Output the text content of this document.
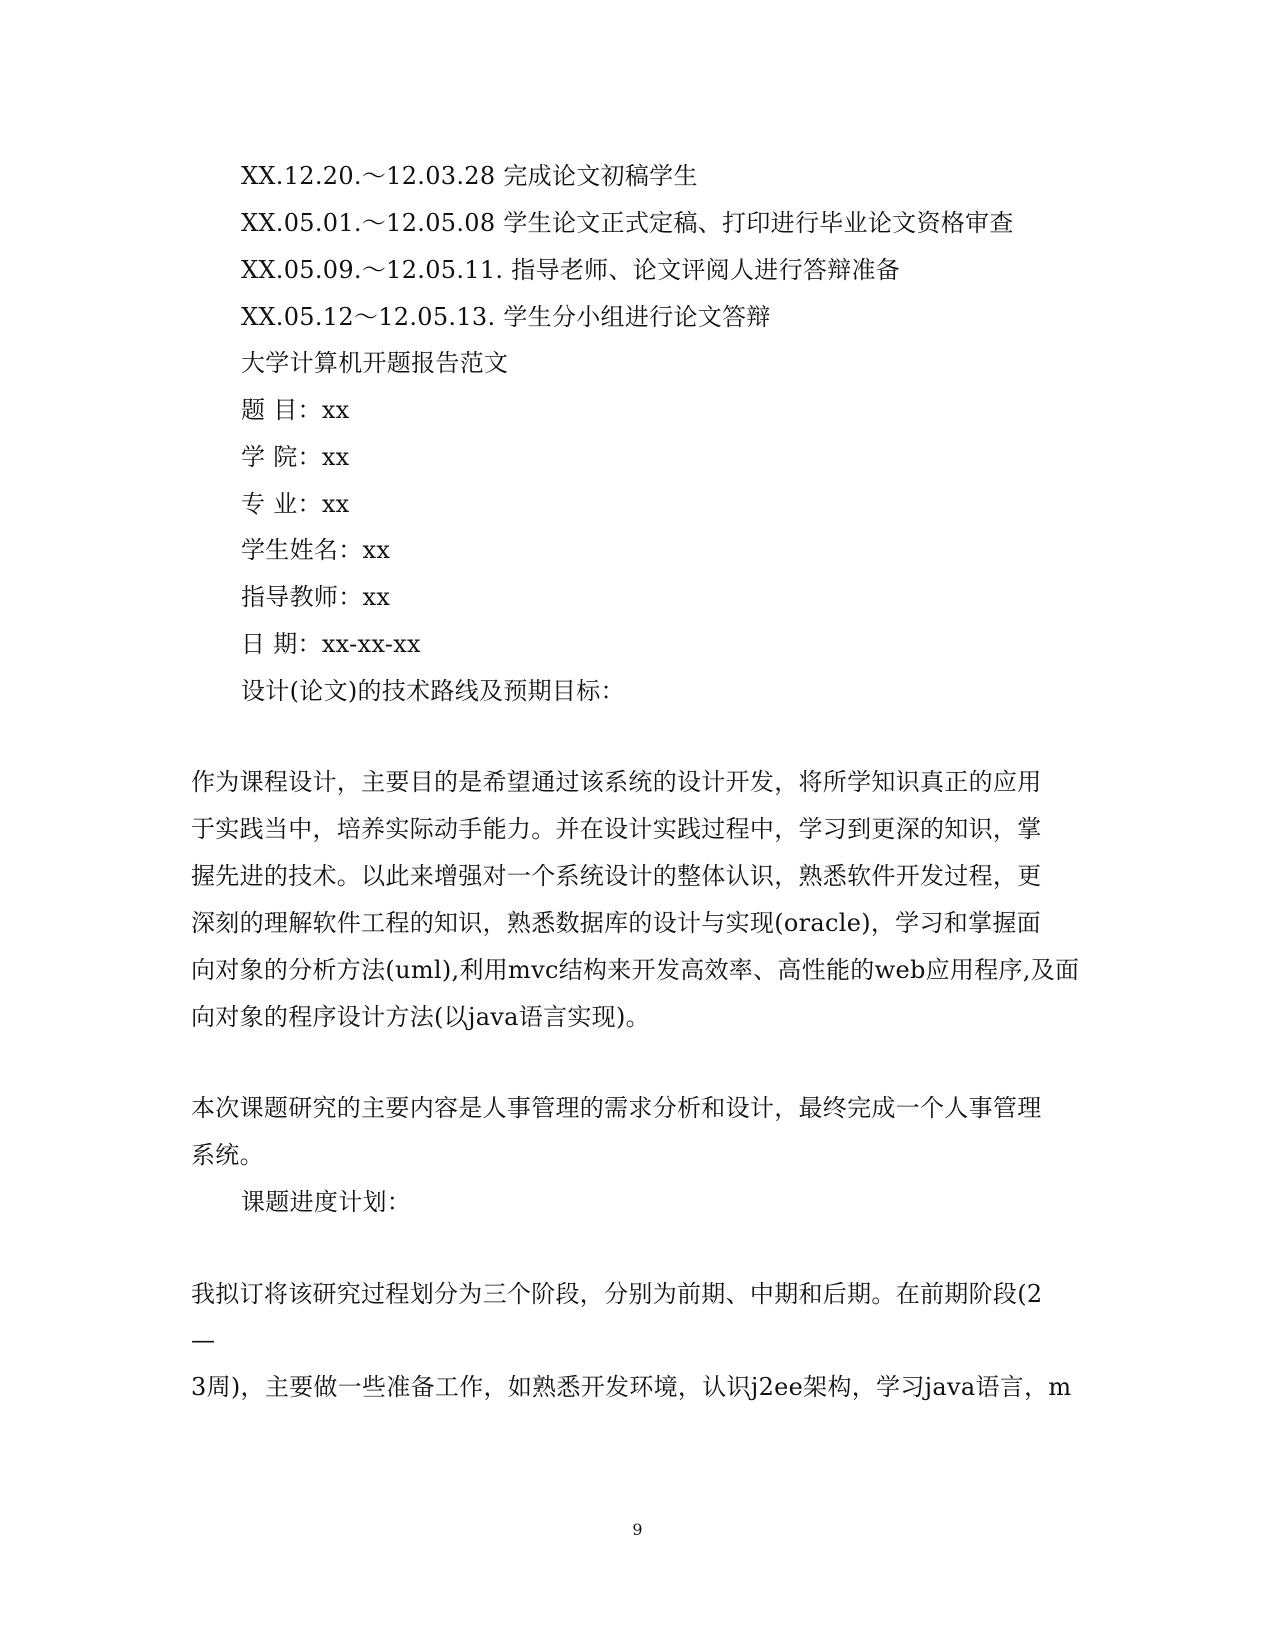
XX.12.20.～12.03.28 完成论文初稿学生
XX.05.01.～12.05.08 学生论文正式定稿、打印进行毕业论文资格审查
XX.05.09.～12.05.11. 指导老师、论文评阅人进行答辩准备
XX.05.12～12.05.13. 学生分小组进行论文答辩
大学计算机开题报告范文
题 目：xx
学 院：xx
专 业：xx
学生姓名：xx
指导教师：xx
日 期：xx-xx-xx
设计(论文)的技术路线及预期目标：
作为课程设计，主要目的是希望通过该系统的设计开发，将所学知识真正的应用
于实践当中，培养实际动手能力。并在设计实践过程中，学习到更深的知识，掌
握先进的技术。以此来增强对一个系统设计的整体认识，熟悉软件开发过程，更
深刻的理解软件工程的知识，熟悉数据库的设计与实现(oracle)，学习和掌握面
向对象的分析方法(uml),利用mvc结构来开发高效率、高性能的web应用程序,及面
向对象的程序设计方法(以java语言实现)。
本次课题研究的主要内容是人事管理的需求分析和设计，最终完成一个人事管理
系统。
课题进度计划：
我拟订将该研究过程划分为三个阶段，分别为前期、中期和后期。在前期阶段(2
—
3周)，主要做一些准备工作，如熟悉开发环境，认识j2ee架构，学习java语言，m
9
